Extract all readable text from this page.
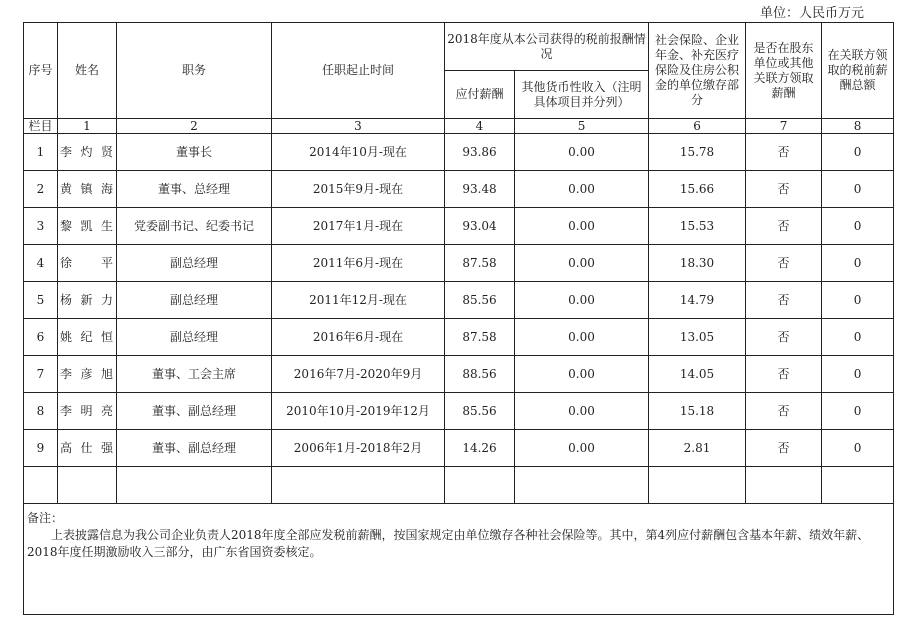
单位：人民币万元
序号	姓名	职务	任职起止时间	2018年度从本公司获得的税前报酬情况		社会保险、企业年金、补充医疗保险及住房公积金的单位缴存部分	是否在股东单位或其他关联方领取薪酬	在关联方领取的税前薪酬总额
				应付薪酬	其他货币性收入（注明具体项目并分列）			
栏目	1	2	3	4	5	6	7	8
1	李灼贤	董事长	2014年10月-现在	93.86	0.00	15.78	否	0
2	黄镇海	董事、总经理	2015年9月-现在	93.48	0.00	15.66	否	0
3	黎凯生	党委副书记、纪委书记	2017年1月-现在	93.04	0.00	15.53	否	0
4	徐　平	副总经理	2011年6月-现在	87.58	0.00	18.30	否	0
5	杨新力	副总经理	2011年12月-现在	85.56	0.00	14.79	否	0
6	姚纪恒	副总经理	2016年6月-现在	87.58	0.00	13.05	否	0
7	李彦旭	董事、工会主席	2016年7月-2020年9月	88.56	0.00	14.05	否	0
8	李明亮	董事、副总经理	2010年10月-2019年12月	85.56	0.00	15.18	否	0
9	高仕强	董事、副总经理	2006年1月-2018年2月	14.26	0.00	2.81	否	0

备注：
上表披露信息为我公司企业负责人2018年度全部应发税前薪酬，按国家规定由单位缴存各种社会保险等。其中，第4列应付薪酬包含基本年薪、绩效年薪、2018年度任期激励收入三部分，由广东省国资委核定。								
